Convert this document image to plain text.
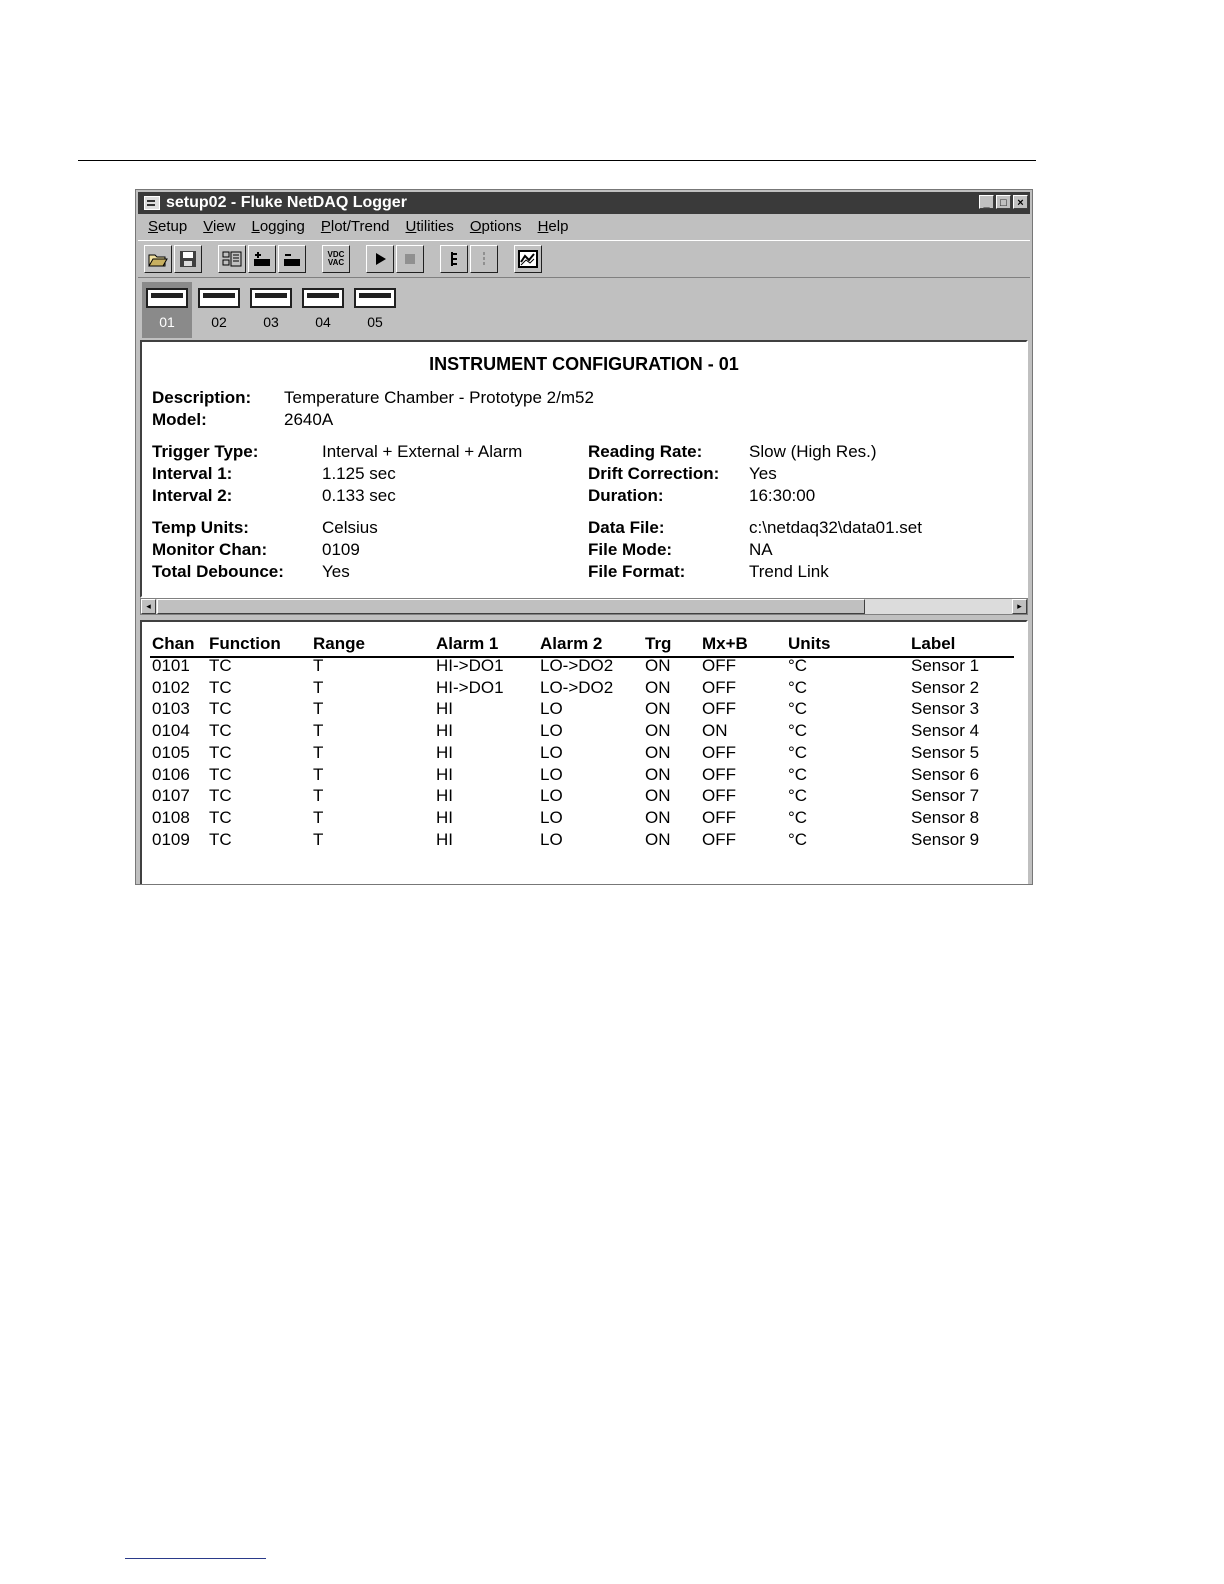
setup02 - Fluke NetDAQ Logger	_ □ ×
Setup View Logging Plot/Trend Utilities Options Help
VDC
VAC
01	02	03	04	05
INSTRUMENT CONFIGURATION - 01
Description: Temperature Chamber - Prototype 2/m52
Model:	2640A
Trigger Type:	Interval + External + Alarm
Interval 1:	1.125 sec
Interval 2:	0.133 sec
Reading Rate:	Slow (High Res.)
Drift Correction: Yes
Duration:	16:30:00
Temp Units:	Celsius
Monitor Chan:	0109
Total Debounce: Yes
Data File:	c:\netdaq32\data01.set
File Mode:	NA
File Format:	Trend Link
◂	▸
Chan Function Range	Alarm 1 Alarm 2	Trg Mx+B Units	Label
0101 TC	T	HI->DO1 LO->DO2 ON OFF	°C	Sensor 1
0102 TC	T	HI->DO1 LO->DO2 ON OFF	°C	Sensor 2
0103 TC	T	HI	LO	ON OFF	°C	Sensor 3
0104 TC	T	HI	LO	ON ON	°C	Sensor 4
0105 TC	T	HI	LO	ON OFF	°C	Sensor 5
0106 TC	T	HI	LO	ON OFF	°C	Sensor 6
0107 TC	T	HI	LO	ON OFF	°C	Sensor 7
0108 TC	T	HI	LO	ON OFF	°C	Sensor 8
0109 TC	T	HI	LO	ON OFF	°C	Sensor 9
